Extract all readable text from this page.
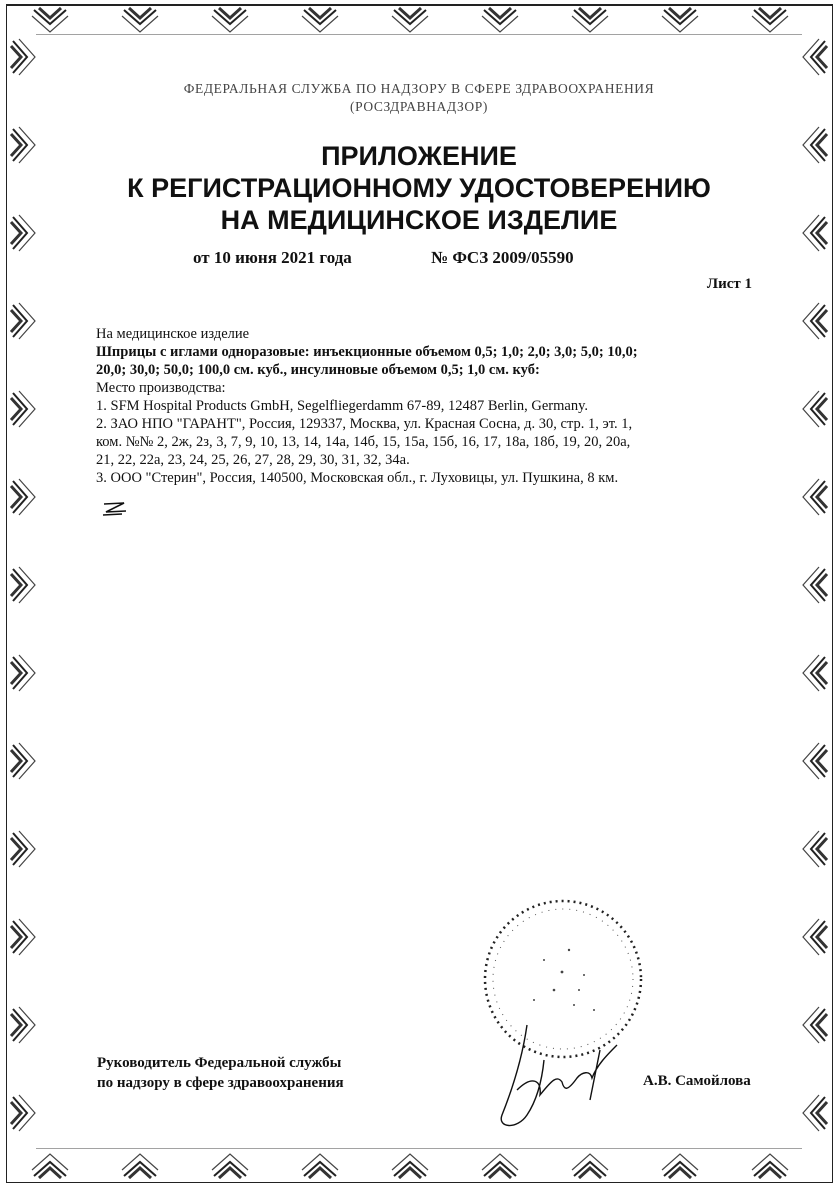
ФЕДЕРАЛЬНАЯ СЛУЖБА ПО НАДЗОРУ В СФЕРЕ ЗДРАВООХРАНЕНИЯ
(РОСЗДРАВНАДЗОР)
ПРИЛОЖЕНИЕ
К РЕГИСТРАЦИОННОМУ УДОСТОВЕРЕНИЮ
НА МЕДИЦИНСКОЕ ИЗДЕЛИЕ
от 10 июня 2021 года	№ ФСЗ 2009/05590
Лист 1
На медицинское изделие
Шприцы с иглами одноразовые: инъекционные объемом 0,5; 1,0; 2,0; 3,0; 5,0; 10,0;
20,0; 30,0; 50,0; 100,0 см. куб., инсулиновые объемом 0,5; 1,0 см. куб:
Место производства:
1. SFM Hospital Products GmbH, Segelfliegerdamm 67-89, 12487 Berlin, Germany.
2. ЗАО НПО "ГАРАНТ", Россия, 129337, Москва, ул. Красная Сосна, д. 30, стр. 1, эт. 1,
ком. №№ 2, 2ж, 2з, 3, 7, 9, 10, 13, 14, 14а, 14б, 15, 15а, 15б, 16, 17, 18а, 18б, 19, 20, 20а,
21, 22, 22а, 23, 24, 25, 26, 27, 28, 29, 30, 31, 32, 34а.
3. ООО "Стерин", Россия, 140500, Московская обл., г. Луховицы, ул. Пушкина, 8 км.
Руководитель Федеральной службы
по надзору в сфере здравоохранения	А.В. Самойлова
